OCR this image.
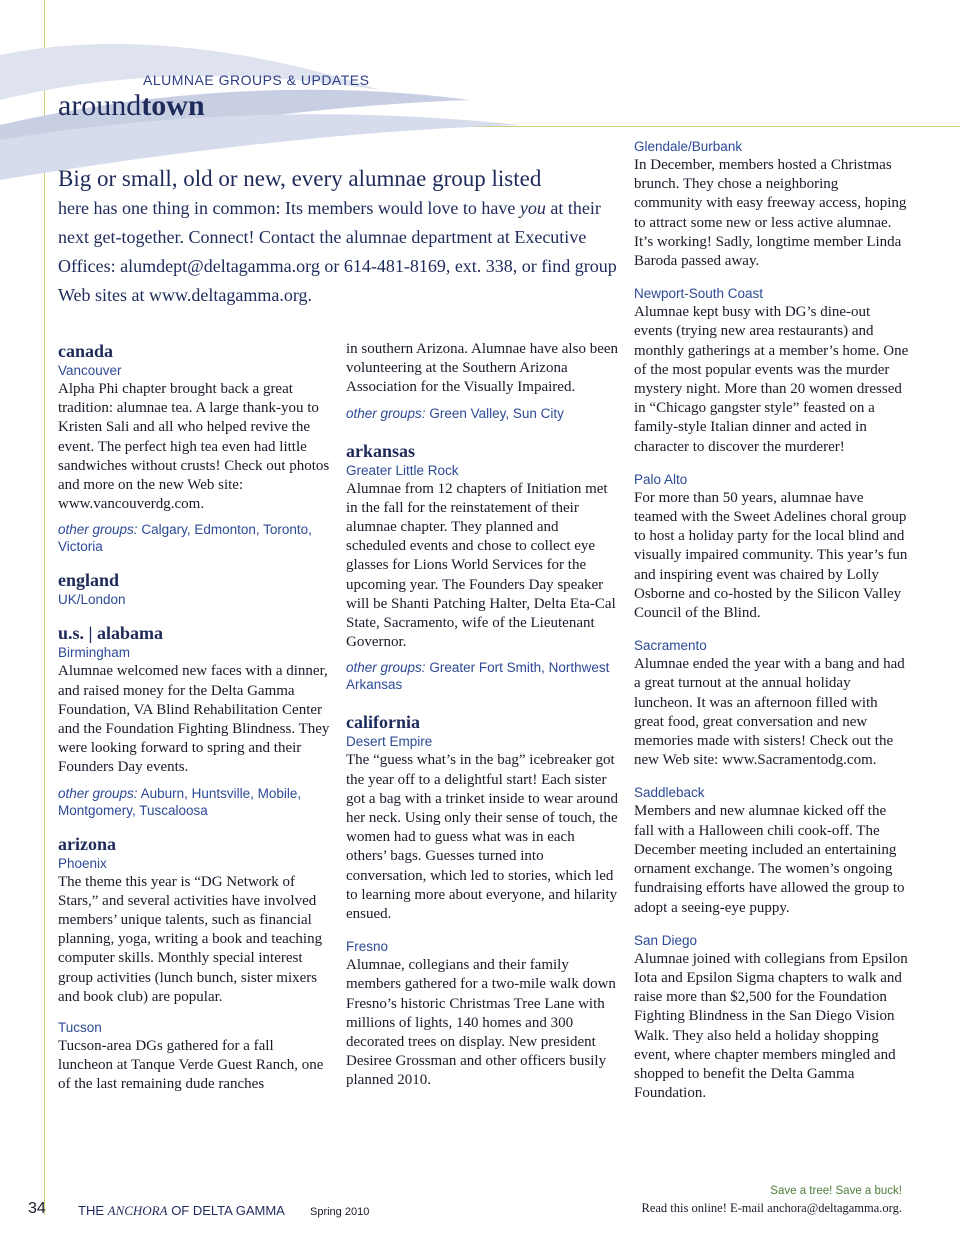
ALUMNAE GROUPS & UPDATES
aroundtown
Big or small, old or new, every alumnae group listed
here has one thing in common: Its members would love to have you at their next get-together. Connect! Contact the alumnae department at Executive Offices: alumdept@deltagamma.org or 614-481-8169, ext. 338, or find group Web sites at www.deltagamma.org.
canada
Vancouver
Alpha Phi chapter brought back a great tradition: alumnae tea. A large thank-you to Kristen Sali and all who helped revive the event. The perfect high tea even had little sandwiches without crusts! Check out photos and more on the new Web site: www.vancouverdg.com.
other groups: Calgary, Edmonton, Toronto, Victoria
england
UK/London
u.s. | alabama
Birmingham
Alumnae welcomed new faces with a dinner, and raised money for the Delta Gamma Foundation, VA Blind Rehabilitation Center and the Foundation Fighting Blindness. They were looking forward to spring and their Founders Day events.
other groups: Auburn, Huntsville, Mobile, Montgomery, Tuscaloosa
arizona
Phoenix
The theme this year is “DG Network of Stars,” and several activities have involved members’ unique talents, such as financial planning, yoga, writing a book and teaching computer skills. Monthly special interest group activities (lunch bunch, sister mixers and book club) are popular.
Tucson
Tucson-area DGs gathered for a fall luncheon at Tanque Verde Guest Ranch, one of the last remaining dude ranches
in southern Arizona. Alumnae have also been volunteering at the Southern Arizona Association for the Visually Impaired.
other groups: Green Valley, Sun City
arkansas
Greater Little Rock
Alumnae from 12 chapters of Initiation met in the fall for the reinstatement of their alumnae chapter. They planned and scheduled events and chose to collect eye glasses for Lions World Services for the upcoming year. The Founders Day speaker will be Shanti Patching Halter, Delta Eta-Cal State, Sacramento, wife of the Lieutenant Governor.
other groups: Greater Fort Smith, Northwest Arkansas
california
Desert Empire
The “guess what’s in the bag” icebreaker got the year off to a delightful start! Each sister got a bag with a trinket inside to wear around her neck. Using only their sense of touch, the women had to guess what was in each others’ bags. Guesses turned into conversation, which led to stories, which led to learning more about everyone, and hilarity ensued.
Fresno
Alumnae, collegians and their family members gathered for a two-mile walk down Fresno’s historic Christmas Tree Lane with millions of lights, 140 homes and 300 decorated trees on display. New president Desiree Grossman and other officers busily planned 2010.
Glendale/Burbank
In December, members hosted a Christmas brunch. They chose a neighboring community with easy freeway access, hoping to attract some new or less active alumnae. It’s working! Sadly, longtime member Linda Baroda passed away.
Newport-South Coast
Alumnae kept busy with DG’s dine-out events (trying new area restaurants) and monthly gatherings at a member’s home. One of the most popular events was the murder mystery night. More than 20 women dressed in “Chicago gangster style” feasted on a family-style Italian dinner and acted in character to discover the murderer!
Palo Alto
For more than 50 years, alumnae have teamed with the Sweet Adelines choral group to host a holiday party for the local blind and visually impaired community. This year’s fun and inspiring event was chaired by Lolly Osborne and co-hosted by the Silicon Valley Council of the Blind.
Sacramento
Alumnae ended the year with a bang and had a great turnout at the annual holiday luncheon. It was an afternoon filled with great food, great conversation and new memories made with sisters! Check out the new Web site: www.Sacramentodg.com.
Saddleback
Members and new alumnae kicked off the fall with a Halloween chili cook-off. The December meeting included an entertaining ornament exchange. The women’s ongoing fundraising efforts have allowed the group to adopt a seeing-eye puppy.
San Diego
Alumnae joined with collegians from Epsilon Iota and Epsilon Sigma chapters to walk and raise more than $2,500 for the Foundation Fighting Blindness in the San Diego Vision Walk. They also held a holiday shopping event, where chapter members mingled and shopped to benefit the Delta Gamma Foundation.
34 THE ANCHORA OF DELTA GAMMA Spring 2010
Save a tree! Save a buck!
Read this online! E-mail anchora@deltagamma.org.
